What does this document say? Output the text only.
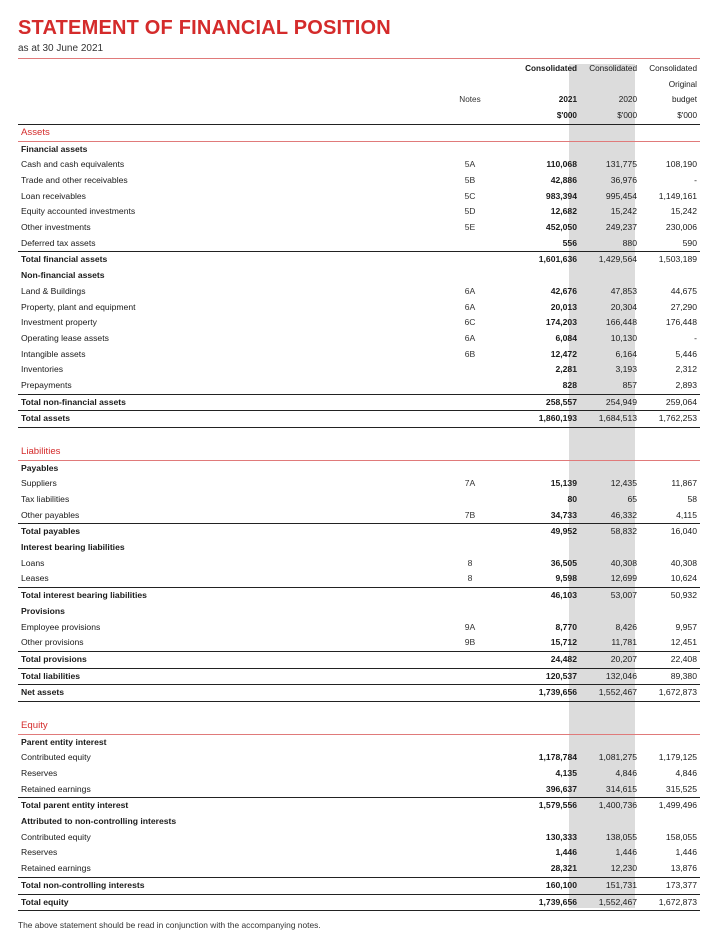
STATEMENT OF FINANCIAL POSITION
as at 30 June 2021
		Consolidated	Consolidated	Consolidated
				Original
	Notes	2021	2020	budget
		$'000	$'000	$'000
Assets				
Financial assets				
Cash and cash equivalents	5A	110,068	131,775	108,190
Trade and other receivables	5B	42,886	36,976	-
Loan receivables	5C	983,394	995,454	1,149,161
Equity accounted investments	5D	12,682	15,242	15,242
Other investments	5E	452,050	249,237	230,006
Deferred tax assets		556	880	590
Total financial assets		1,601,636	1,429,564	1,503,189
Non-financial assets				
Land & Buildings	6A	42,676	47,853	44,675
Property, plant and equipment	6A	20,013	20,304	27,290
Investment property	6C	174,203	166,448	176,448
Operating lease assets	6A	6,084	10,130	-
Intangible assets	6B	12,472	6,164	5,446
Inventories		2,281	3,193	2,312
Prepayments		828	857	2,893
Total non-financial assets		258,557	254,949	259,064
Total assets		1,860,193	1,684,513	1,762,253

Liabilities				
Payables				
Suppliers	7A	15,139	12,435	11,867
Tax liabilities		80	65	58
Other payables	7B	34,733	46,332	4,115
Total payables		49,952	58,832	16,040
Interest bearing liabilities				
Loans	8	36,505	40,308	40,308
Leases	8	9,598	12,699	10,624
Total interest bearing liabilities		46,103	53,007	50,932
Provisions				
Employee provisions	9A	8,770	8,426	9,957
Other provisions	9B	15,712	11,781	12,451
Total provisions		24,482	20,207	22,408
Total liabilities		120,537	132,046	89,380
Net assets		1,739,656	1,552,467	1,672,873

Equity				
Parent entity interest				
Contributed equity		1,178,784	1,081,275	1,179,125
Reserves		4,135	4,846	4,846
Retained earnings		396,637	314,615	315,525
Total parent entity interest		1,579,556	1,400,736	1,499,496
Attributed to non-controlling interests				
Contributed equity		130,333	138,055	158,055
Reserves		1,446	1,446	1,446
Retained earnings		28,321	12,230	13,876
Total non-controlling interests		160,100	151,731	173,377
Total equity		1,739,656	1,552,467	1,672,873
The above statement should be read in conjunction with the accompanying notes.
